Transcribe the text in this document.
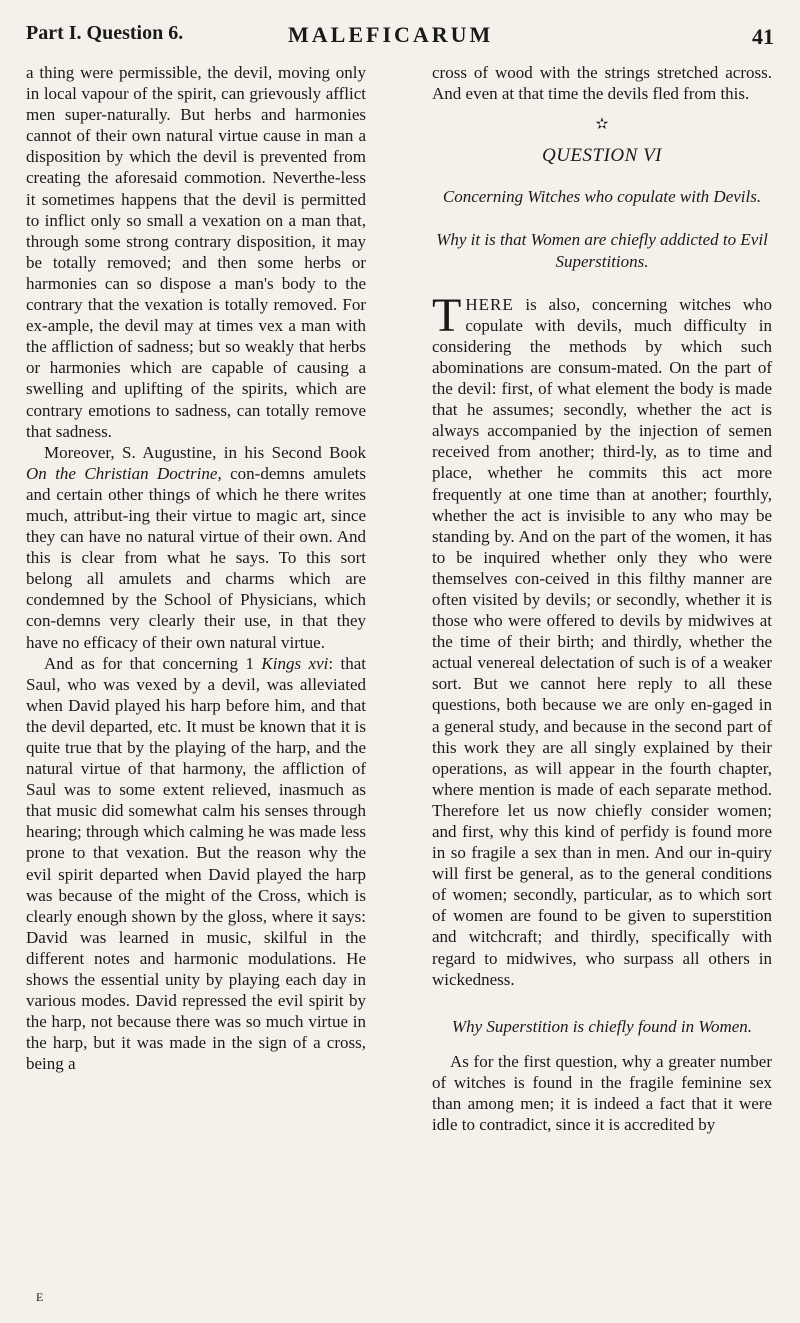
Part I. Question 6.	MALEFICARUM	41

a thing were permissible, the devil, moving only in local vapour of the spirit, can grievously afflict men super-naturally. But herbs and harmonies cannot of their own natural virtue cause in man a disposition by which the devil is prevented from creating the aforesaid commotion. Neverthe-less it sometimes happens that the devil is permitted to inflict only so small a vexation on a man that, through some strong contrary disposition, it may be totally removed; and then some herbs or harmonies can so dispose a man's body to the contrary that the vexation is totally removed. For ex-ample, the devil may at times vex a man with the affliction of sadness; but so weakly that herbs or harmonies which are capable of causing a swelling and uplifting of the spirits, which are contrary emotions to sadness, can totally remove that sadness.

Moreover, S. Augustine, in his Second Book On the Christian Doctrine, con-demns amulets and certain other things of which he there writes much, attribut-ing their virtue to magic art, since they can have no natural virtue of their own. And this is clear from what he says. To this sort belong all amulets and charms which are condemned by the School of Physicians, which con-demns very clearly their use, in that they have no efficacy of their own natural virtue.

And as for that concerning 1 Kings xvi: that Saul, who was vexed by a devil, was alleviated when David played his harp before him, and that the devil departed, etc. It must be known that it is quite true that by the playing of the harp, and the natural virtue of that harmony, the affliction of Saul was to some extent relieved, inasmuch as that music did somewhat calm his senses through hearing; through which calming he was made less prone to that vexation. But the reason why the evil spirit departed when David played the harp was because of the might of the Cross, which is clearly enough shown by the gloss, where it says: David was learned in music, skilful in the different notes and harmonic modulations. He shows the essential unity by playing each day in various modes. David repressed the evil spirit by the harp, not because there was so much virtue in the harp, but it was made in the sign of a cross, being a

cross of wood with the strings stretched across. And even at that time the devils fled from this.

✫
QUESTION VI
Concerning Witches who copulate with Devils.
Why it is that Women are chiefly addicted to Evil Superstitions.

THERE is also, concerning witches who copulate with devils, much difficulty in considering the methods by which such abominations are consum-mated. On the part of the devil: first, of what element the body is made that he assumes; secondly, whether the act is always accompanied by the injection of semen received from another; third-ly, as to time and place, whether he commits this act more frequently at one time than at another; fourthly, whether the act is invisible to any who may be standing by. And on the part of the women, it has to be inquired whether only they who were themselves con-ceived in this filthy manner are often visited by devils; or secondly, whether it is those who were offered to devils by midwives at the time of their birth; and thirdly, whether the actual venereal delectation of such is of a weaker sort. But we cannot here reply to all these questions, both because we are only en-gaged in a general study, and because in the second part of this work they are all singly explained by their operations, as will appear in the fourth chapter, where mention is made of each separate method. Therefore let us now chiefly consider women; and first, why this kind of perfidy is found more in so fragile a sex than in men. And our in-quiry will first be general, as to the general conditions of women; secondly, particular, as to which sort of women are found to be given to superstition and witchcraft; and thirdly, specifically with regard to midwives, who surpass all others in wickedness.

Why Superstition is chiefly found in Women.

As for the first question, why a greater number of witches is found in the fragile feminine sex than among men; it is indeed a fact that it were idle to contradict, since it is accredited by

E
